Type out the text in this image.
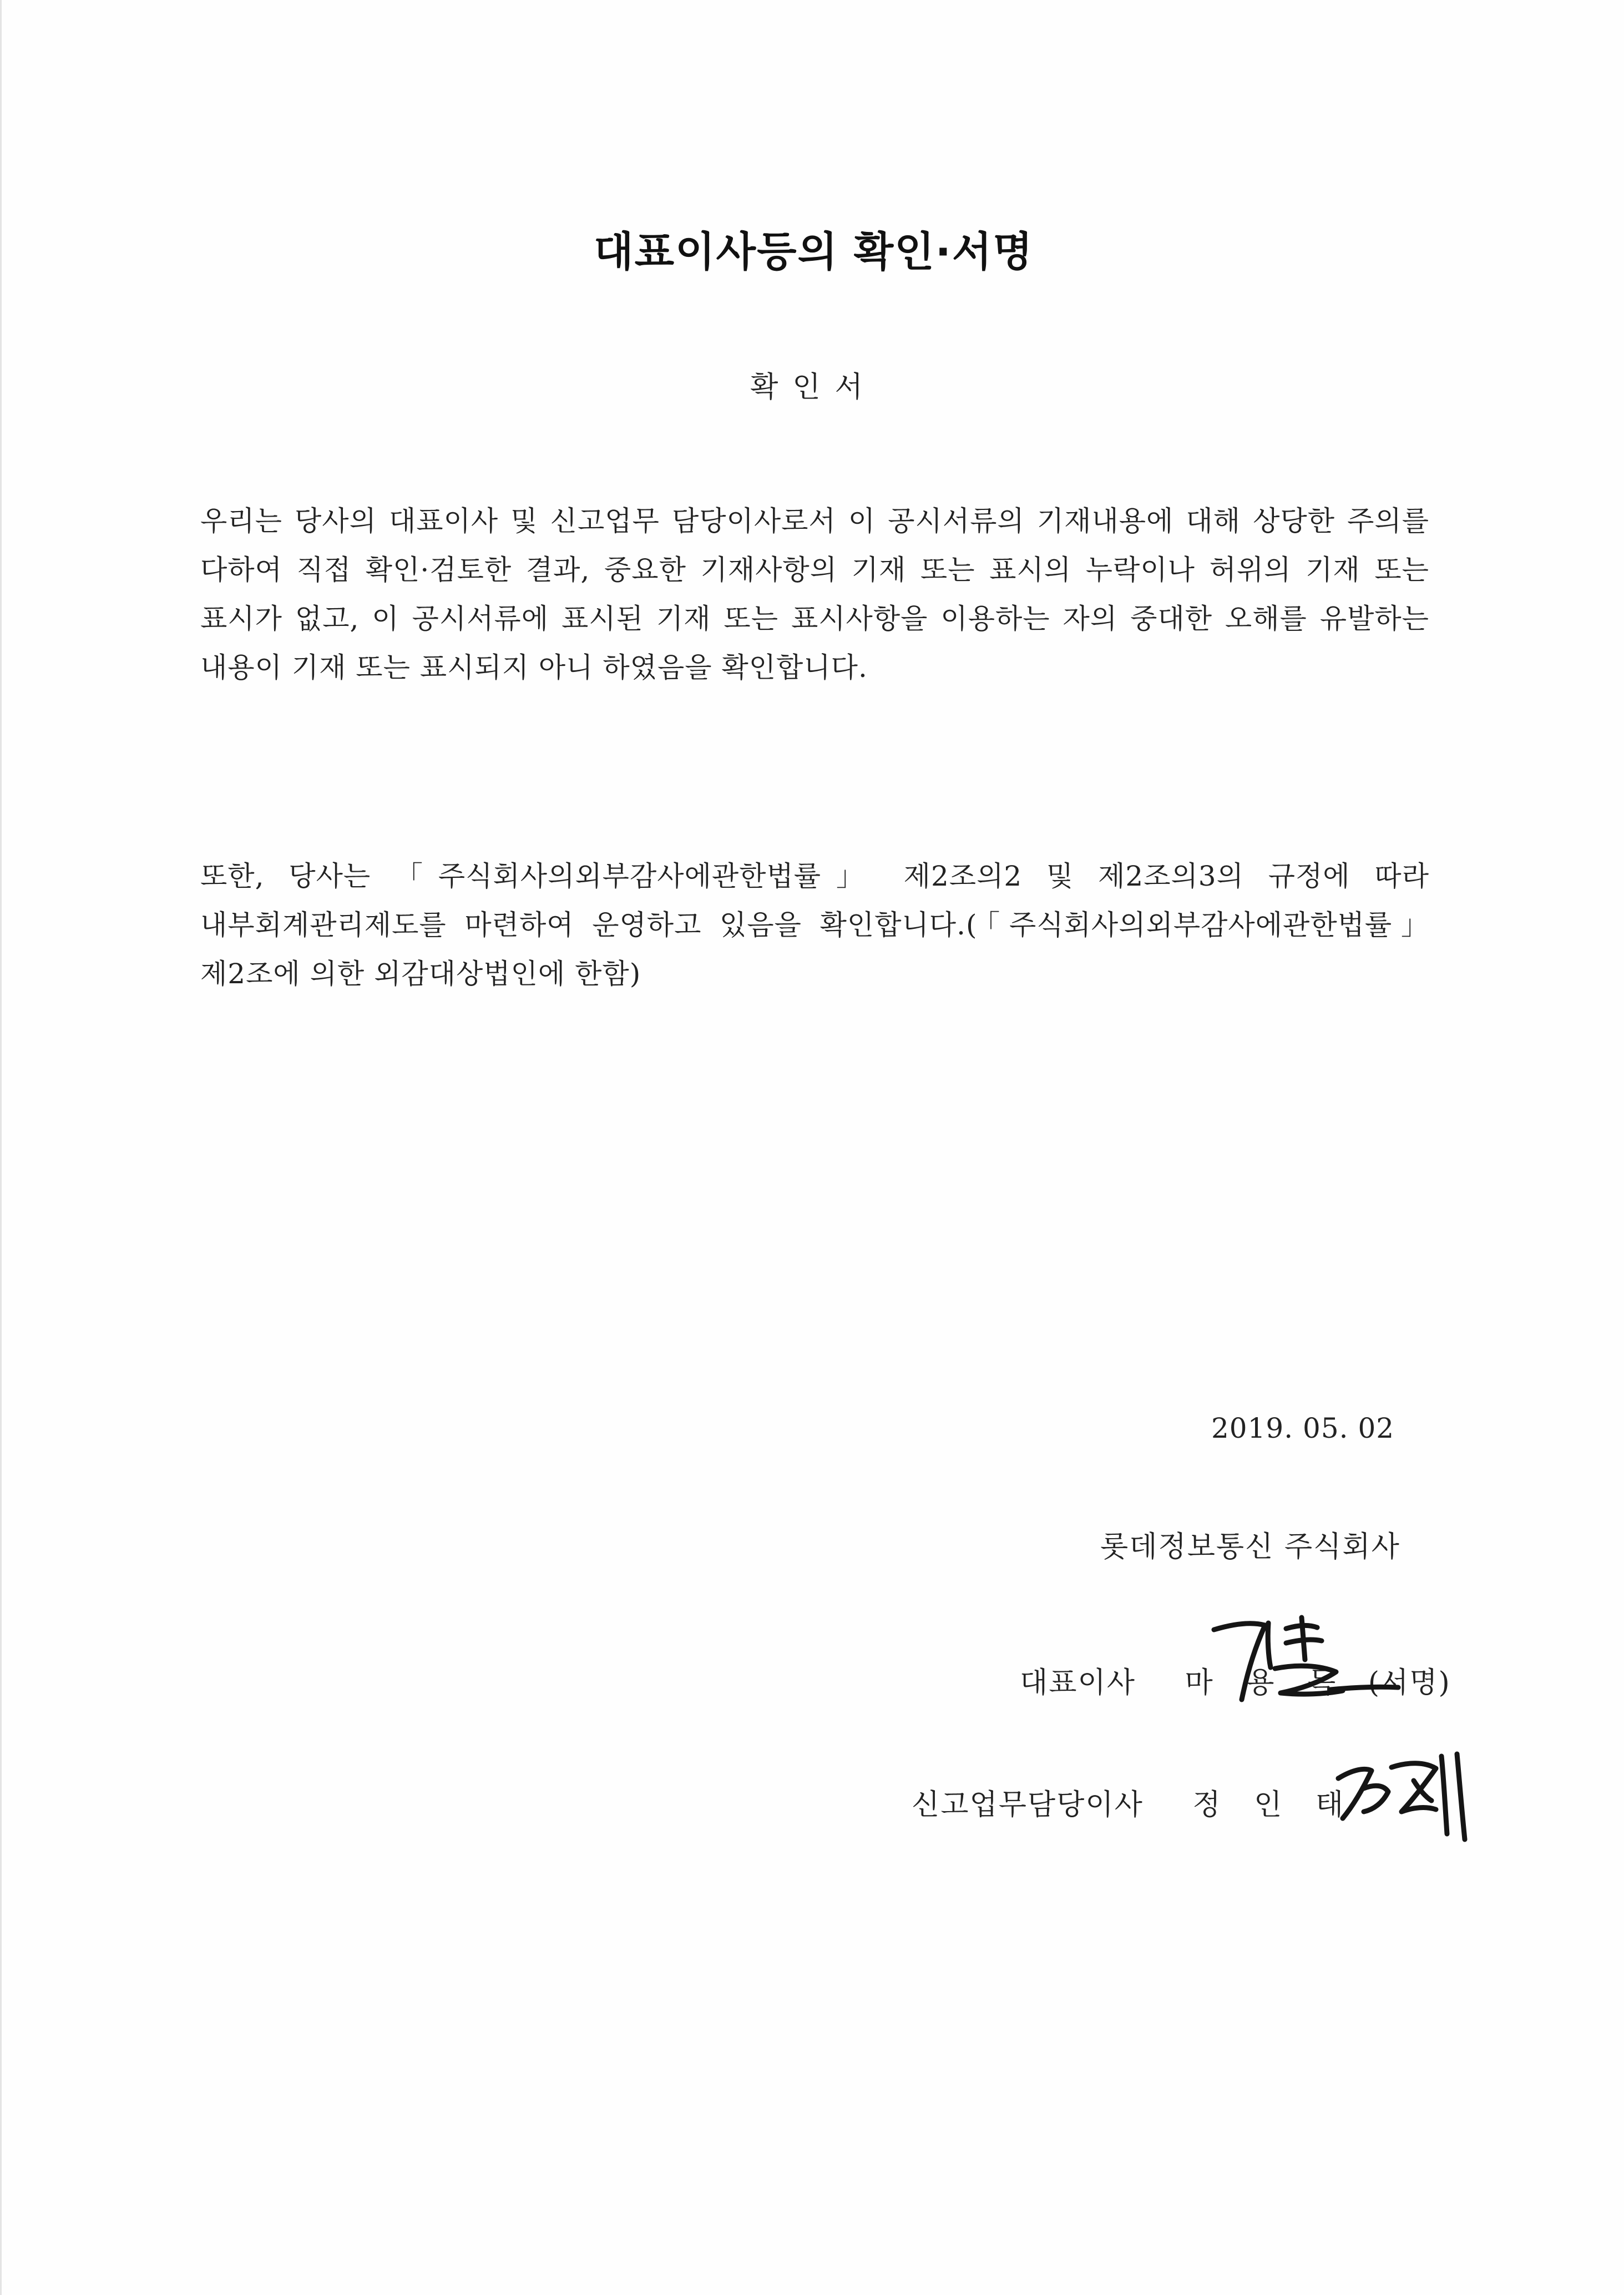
대표이사등의 확인·서명
확인서
우리는 당사의 대표이사 및 신고업무 담당이사로서 이 공시서류의 기재내용에 대해 상당한 주의를 다하여 직접 확인·검토한 결과, 중요한 기재사항의 기재 또는 표시의 누락이나 허위의 기재 또는 표시가 없고, 이 공시서류에 표시된 기재 또는 표시사항을 이용하는 자의 중대한 오해를 유발하는 내용이 기재 또는 표시되지 아니 하였음을 확인합니다.
또한, 당사는 「주식회사의외부감사에관한법률」 제2조의2 및 제2조의3의 규정에 따라 내부회계관리제도를 마련하여 운영하고 있음을 확인합니다.(「주식회사의외부감사에관한법률」 제2조에 의한 외감대상법인에 한함)
2019. 05. 02
롯데정보통신 주식회사
대표이사 마 용 득 (서명)
신고업무담당이사 정 인 태
